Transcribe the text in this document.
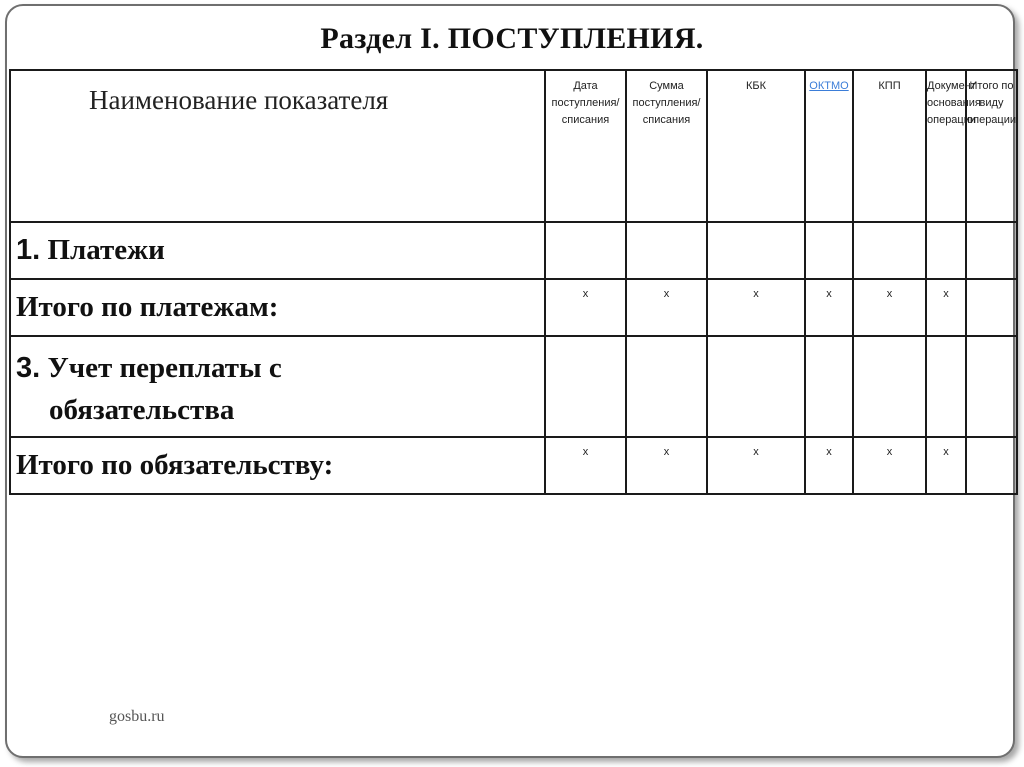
Раздел I. ПОСТУПЛЕНИЯ.
Наименование показателя	Дата поступления/списания	Сумма поступления/списания	КБК	ОКТМО	КПП	Документ основания операции	Итого по виду операции
1. Платежи							
Итого по платежам:	x	x	x	x	x	x	

3. Учет переплаты с
обязательства							

Итого по обязательству:	x	x	x	x	x	x	
gosbu.ru
